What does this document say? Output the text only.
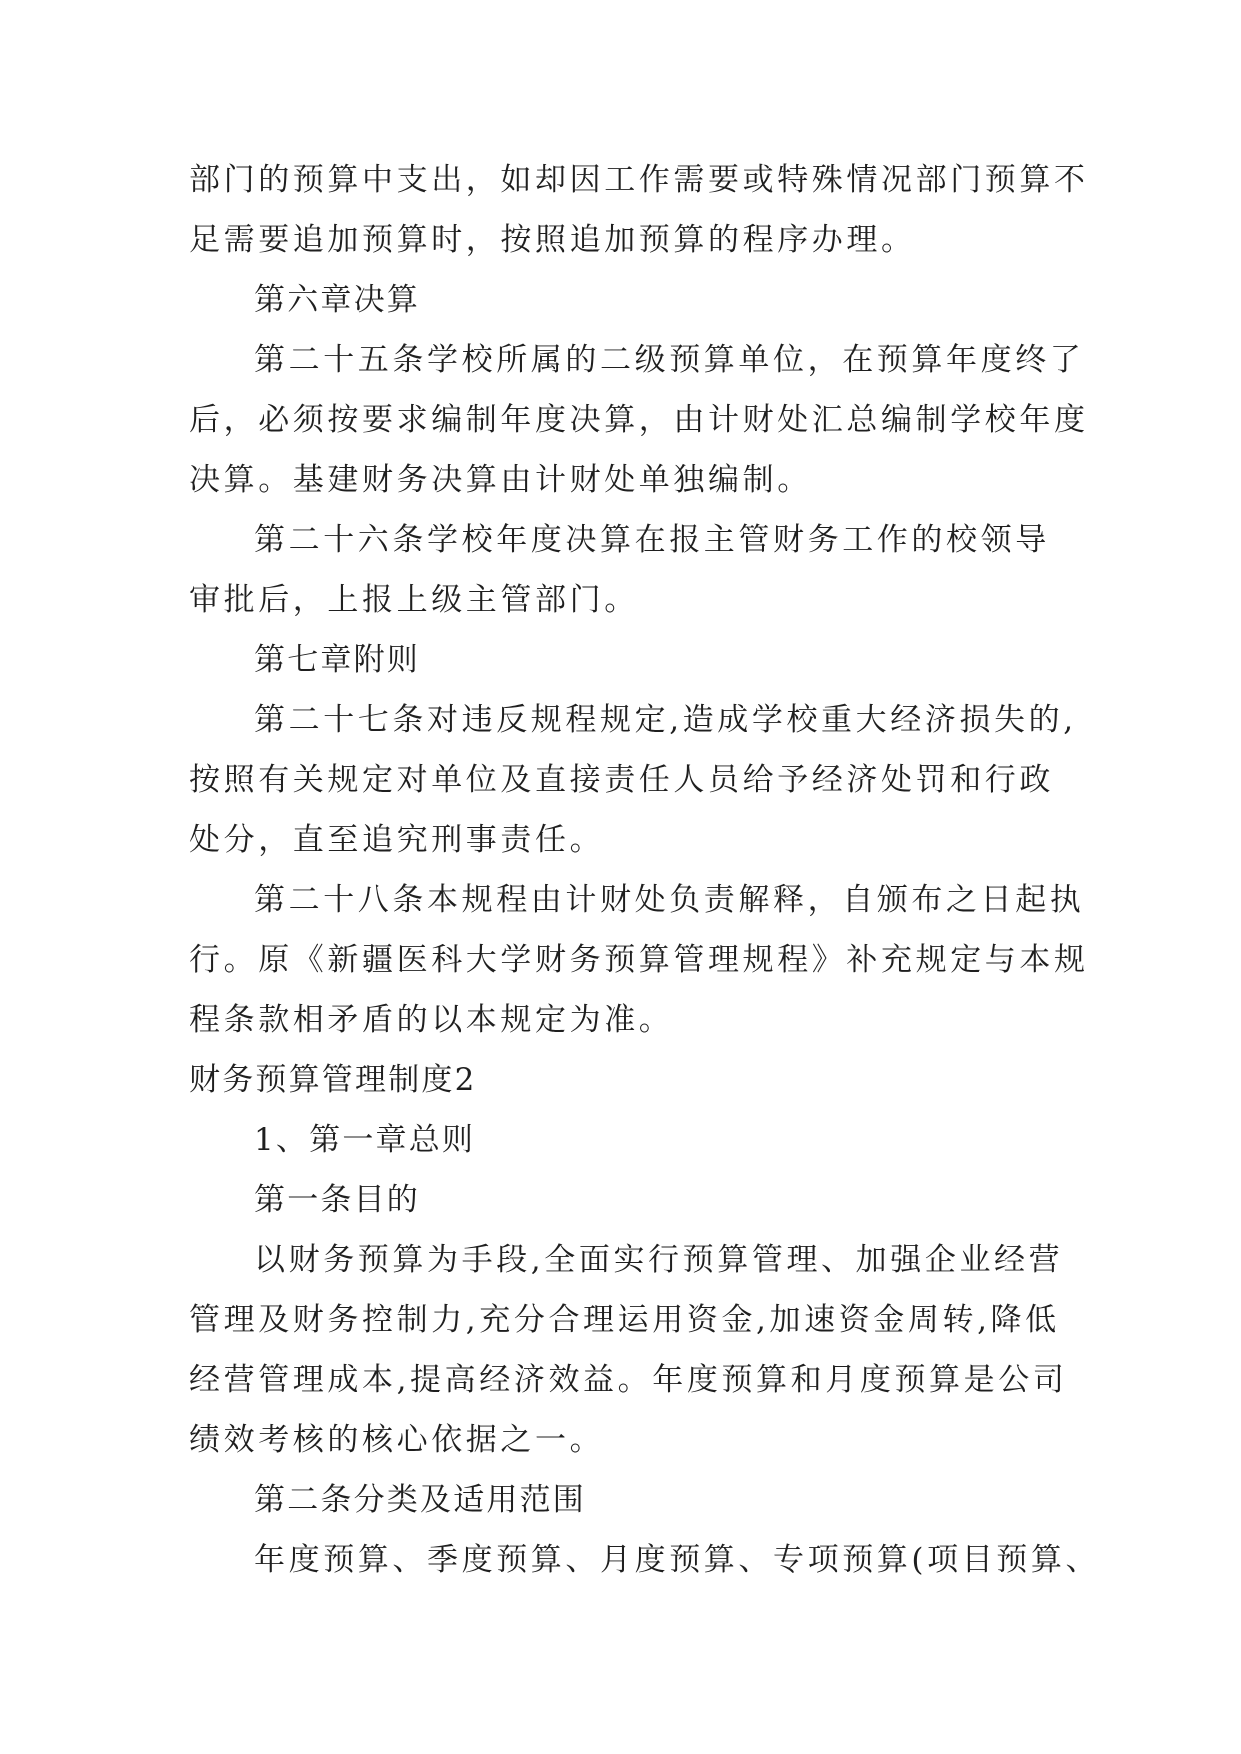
部门的预算中支出，如却因工作需要或特殊情况部门预算不

足需要追加预算时，按照追加预算的程序办理。

第六章决算

第二十五条学校所属的二级预算单位，在预算年度终了

后，必须按要求编制年度决算，由计财处汇总编制学校年度

决算。基建财务决算由计财处单独编制。

第二十六条学校年度决算在报主管财务工作的校领导

审批后，上报上级主管部门。

第七章附则

第二十七条对违反规程规定,造成学校重大经济损失的,

按照有关规定对单位及直接责任人员给予经济处罚和行政

处分，直至追究刑事责任。

第二十八条本规程由计财处负责解释，自颁布之日起执

行。原《新疆医科大学财务预算管理规程》补充规定与本规

程条款相矛盾的以本规定为准。

财务预算管理制度2

1、第一章总则

第一条目的

以财务预算为手段,全面实行预算管理、加强企业经营

管理及财务控制力,充分合理运用资金,加速资金周转,降低

经营管理成本,提高经济效益。年度预算和月度预算是公司

绩效考核的核心依据之一。

第二条分类及适用范围

年度预算、季度预算、月度预算、专项预算(项目预算、
